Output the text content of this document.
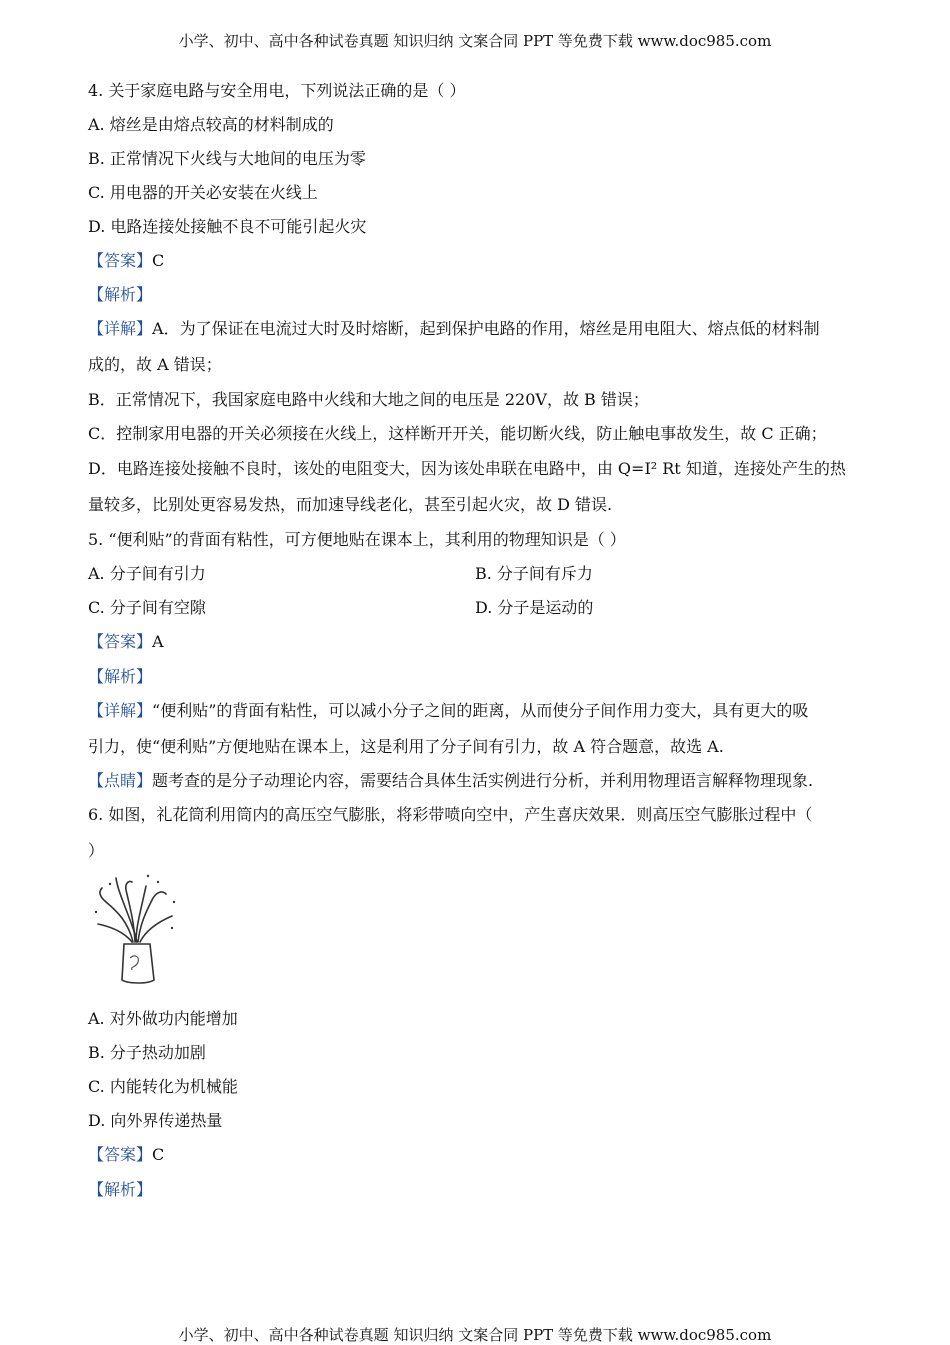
小学、初中、高中各种试卷真题 知识归纳 文案合同 PPT 等免费下载 www.doc985.com
4. 关于家庭电路与安全用电，下列说法正确的是（ ）
A. 熔丝是由熔点较高的材料制成的
B. 正常情况下火线与大地间的电压为零
C. 用电器的开关必安装在火线上
D. 电路连接处接触不良不可能引起火灾
【答案】C
【解析】
【详解】A．为了保证在电流过大时及时熔断，起到保护电路的作用，熔丝是用电阻大、熔点低的材料制
成的，故 A 错误；
B．正常情况下，我国家庭电路中火线和大地之间的电压是 220V，故 B 错误；
C．控制家用电器的开关必须接在火线上，这样断开开关，能切断火线，防止触电事故发生，故 C 正确；
D．电路连接处接触不良时，该处的电阻变大，因为该处串联在电路中，由 Q=I² Rt 知道，连接处产生的热
量较多，比别处更容易发热，而加速导线老化，甚至引起火灾，故 D 错误.
5. “便利贴”的背面有粘性，可方便地贴在课本上，其利用的物理知识是（ ）
A. 分子间有引力	B. 分子间有斥力
C. 分子间有空隙	D. 分子是运动的
【答案】A
【解析】
【详解】“便利贴”的背面有粘性，可以减小分子之间的距离，从而使分子间作用力变大，具有更大的吸
引力，使“便利贴”方便地贴在课本上，这是利用了分子间有引力，故 A 符合题意，故选 A.
【点睛】题考查的是分子动理论内容，需要结合具体生活实例进行分析，并利用物理语言解释物理现象.
6. 如图，礼花筒利用筒内的高压空气膨胀，将彩带喷向空中，产生喜庆效果．则高压空气膨胀过程中（
）
A. 对外做功内能增加
B. 分子热动加剧
C. 内能转化为机械能
D. 向外界传递热量
【答案】C
【解析】
小学、初中、高中各种试卷真题 知识归纳 文案合同 PPT 等免费下载 www.doc985.com
